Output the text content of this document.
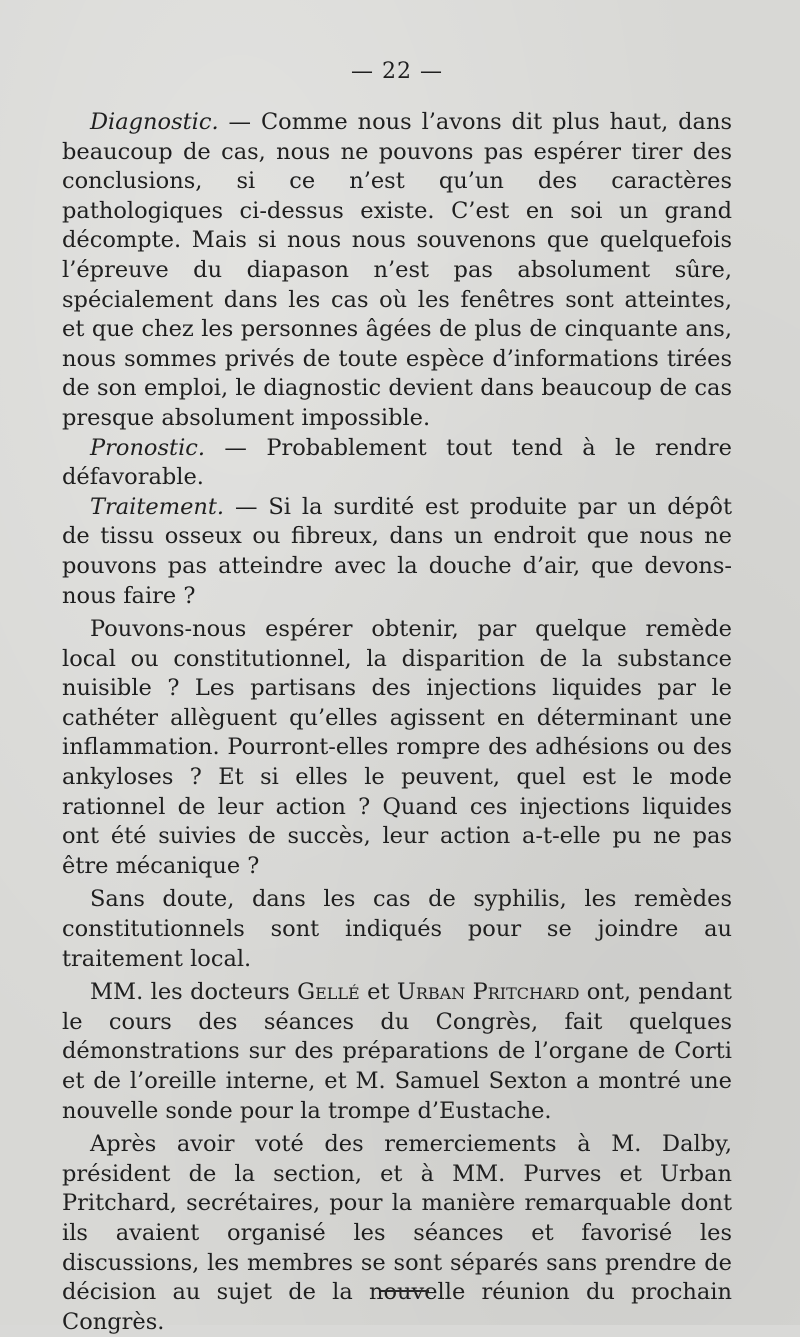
— 22 —

Diagnostic. — Comme nous l’avons dit plus haut, dans beaucoup de cas, nous ne pouvons pas espérer tirer des conclusions, si ce n’est qu’un des caractères pathologiques ci-dessus existe. C’est en soi un grand décompte. Mais si nous nous souvenons que quelquefois l’épreuve du diapason n’est pas absolument sûre, spécialement dans les cas où les fenêtres sont atteintes, et que chez les personnes âgées de plus de cinquante ans, nous sommes privés de toute espèce d’informations tirées de son emploi, le diagnostic devient dans beaucoup de cas presque absolument impossible.

Pronostic. — Probablement tout tend à le rendre défavorable.

Traitement. — Si la surdité est produite par un dépôt de tissu osseux ou fibreux, dans un endroit que nous ne pouvons pas atteindre avec la douche d’air, que devons-nous faire ?

Pouvons-nous espérer obtenir, par quelque remède local ou constitutionnel, la disparition de la substance nuisible ? Les partisans des injections liquides par le cathéter allèguent qu’elles agissent en déterminant une inflammation. Pourront-elles rompre des adhésions ou des ankyloses ? Et si elles le peuvent, quel est le mode rationnel de leur action ? Quand ces injections liquides ont été suivies de succès, leur action a-t-elle pu ne pas être mécanique ?

Sans doute, dans les cas de syphilis, les remèdes constitutionnels sont indiqués pour se joindre au traitement local.

MM. les docteurs Gellé et Urban Pritchard ont, pendant le cours des séances du Congrès, fait quelques démonstrations sur des préparations de l’organe de Corti et de l’oreille interne, et M. Samuel Sexton a montré une nouvelle sonde pour la trompe d’Eustache.

Après avoir voté des remerciements à M. Dalby, président de la section, et à MM. Purves et Urban Pritchard, secrétaires, pour la manière remarquable dont ils avaient organisé les séances et favorisé les discussions, les membres se sont séparés sans prendre de décision au sujet de la nouvelle réunion du prochain Congrès.
